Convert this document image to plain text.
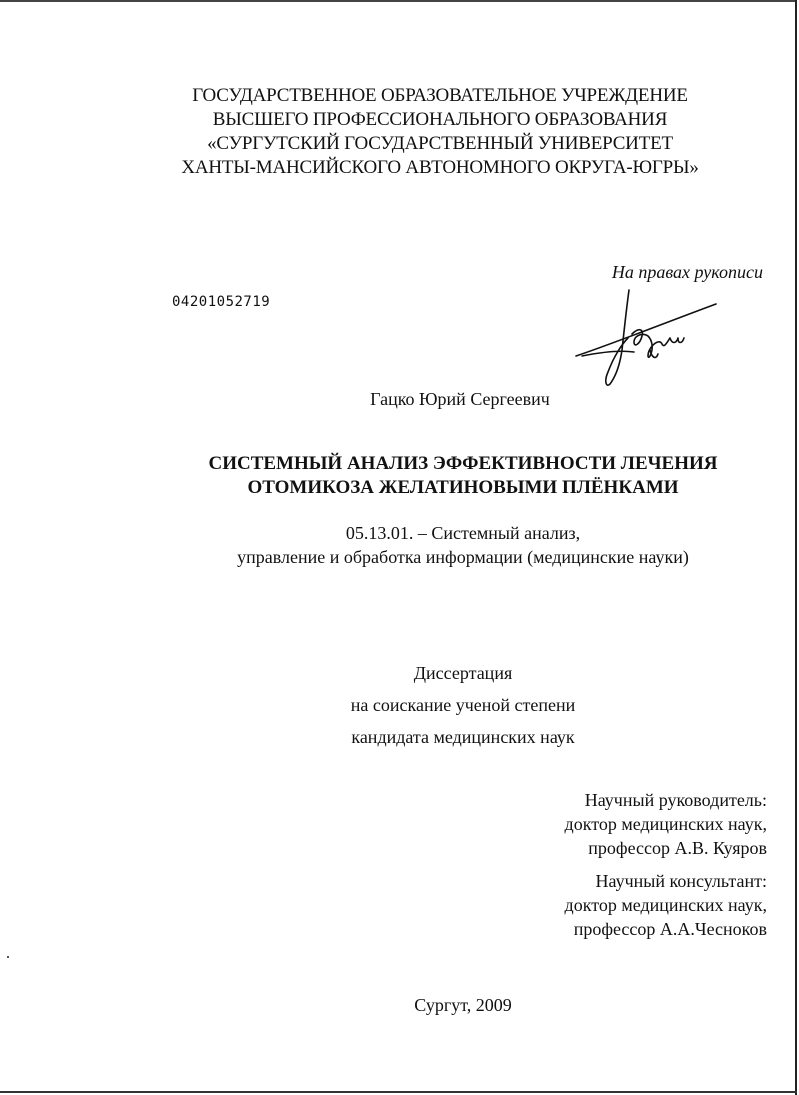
ГОСУДАРСТВЕННОЕ ОБРАЗОВАТЕЛЬНОЕ УЧРЕЖДЕНИЕ
ВЫСШЕГО ПРОФЕССИОНАЛЬНОГО ОБРАЗОВАНИЯ
«СУРГУТСКИЙ ГОСУДАРСТВЕННЫЙ УНИВЕРСИТЕТ
ХАНТЫ-МАНСИЙСКОГО АВТОНОМНОГО ОКРУГА-ЮГРЫ»
На правах рукописи
04201052719
Гацко Юрий Сергеевич
СИСТЕМНЫЙ АНАЛИЗ ЭФФЕКТИВНОСТИ ЛЕЧЕНИЯ
ОТОМИКОЗА ЖЕЛАТИНОВЫМИ ПЛЁНКАМИ
05.13.01. – Системный анализ,
управление и обработка информации (медицинские науки)
Диссертация
на соискание ученой степени
кандидата медицинских наук
Научный руководитель:
доктор медицинских наук,
профессор А.В. Куяров
Научный консультант:
доктор медицинских наук,
профессор А.А.Чесноков
Сургут, 2009
